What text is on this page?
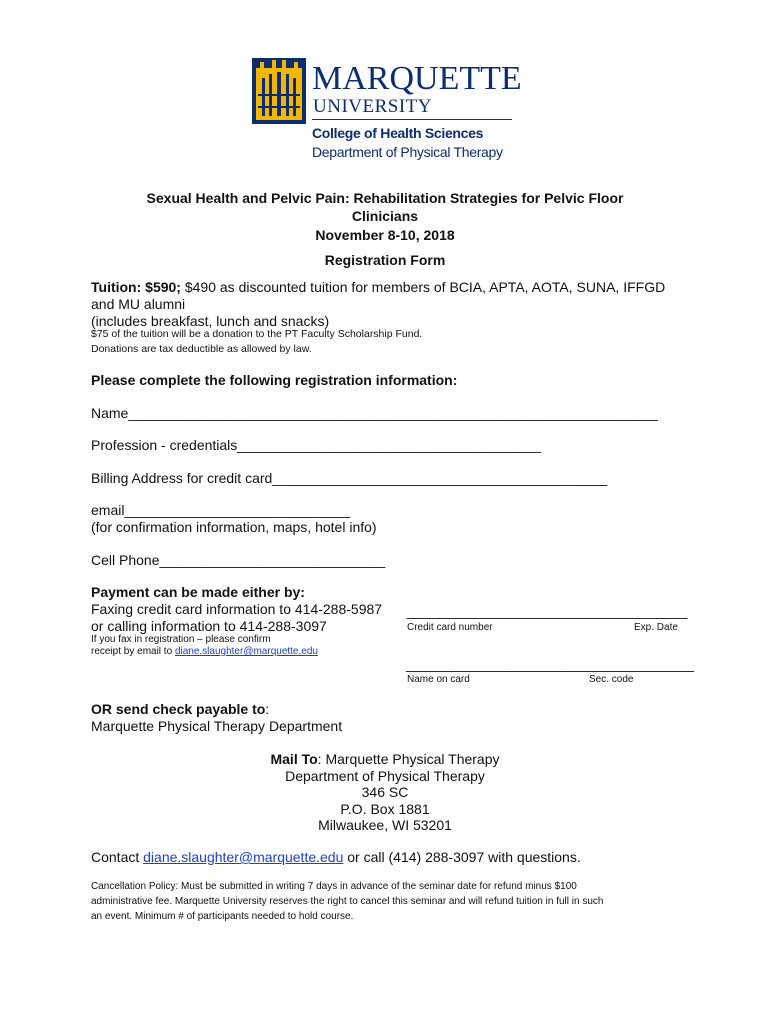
MARQUETTE
UNIVERSITY
College of Health Sciences
Department of Physical Therapy
Sexual Health and Pelvic Pain: Rehabilitation Strategies for Pelvic Floor
Clinicians
November 8-10, 2018
Registration Form
Tuition: $590; $490 as discounted tuition for members of BCIA, APTA, AOTA, SUNA, IFFGD
and MU alumni
(includes breakfast, lunch and snacks)
$75 of the tuition will be a donation to the PT Faculty Scholarship Fund.
Donations are tax deductible as allowed by law.
Please complete the following registration information:
Name____________________________________________________________________
Profession - credentials_______________________________________
Billing Address for credit card___________________________________________
email_____________________________
(for confirmation information, maps, hotel info)
Cell Phone_____________________________
Payment can be made either by:
Faxing credit card information to 414-288-5987
or calling information to 414-288-3097
If you fax in registration – please confirm
receipt by email to diane.slaughter@marquette.edu
____________________________________
Credit card number	Exp. Date
_____________________________________
Name on card	Sec. code
OR send check payable to:
Marquette Physical Therapy Department
Mail To: Marquette Physical Therapy
Department of Physical Therapy
346 SC
P.O. Box 1881
Milwaukee, WI 53201
Contact diane.slaughter@marquette.edu or call (414) 288-3097 with questions.
Cancellation Policy: Must be submitted in writing 7 days in advance of the seminar date for refund minus $100
administrative fee. Marquette University reserves the right to cancel this seminar and will refund tuition in full in such
an event. Minimum # of participants needed to hold course.
